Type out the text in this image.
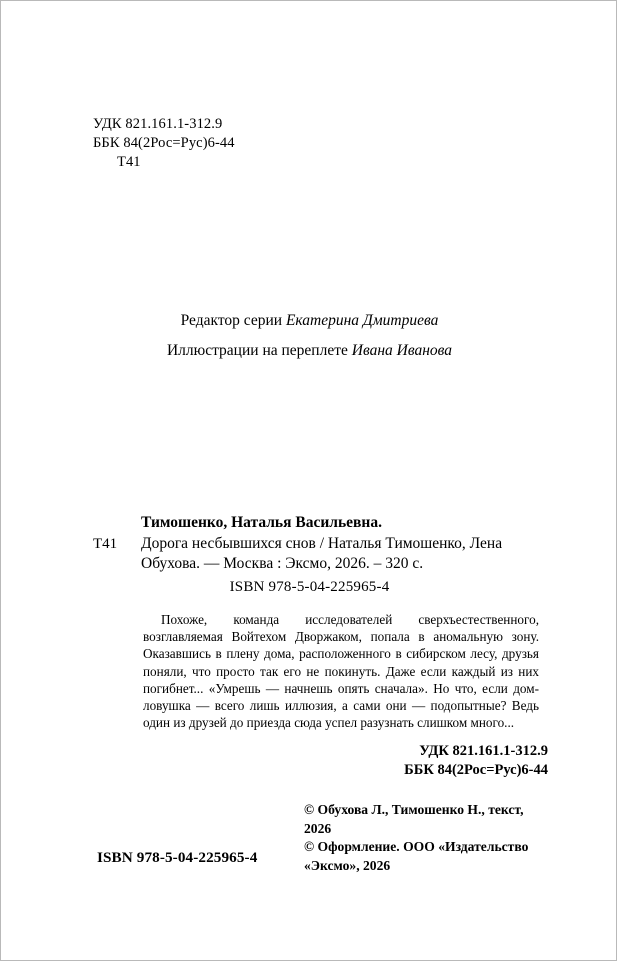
УДК 821.161.1-312.9
ББК 84(2Рос=Рус)6-44
Т41
Редактор серии Екатерина Дмитриева
Иллюстрации на переплете Ивана Иванова
Тимошенко, Наталья Васильевна.
Т41	Дорога несбывшихся снов / Наталья Тимошенко, Лена Обухова. — Москва : Эксмо, 2026. – 320 с.
ISBN 978-5-04-225965-4
Похоже, команда исследователей сверхъестественного, возглавляемая Войтехом Дворжаком, попала в аномальную зону. Оказавшись в плену дома, расположенного в сибирском лесу, друзья поняли, что просто так его не покинуть. Даже если каждый из них погибнет... «Умрешь — начнешь опять сначала». Но что, если дом-ловушка — всего лишь иллюзия, а сами они — подопытные? Ведь один из друзей до приезда сюда успел разузнать слишком много...
УДК 821.161.1-312.9
ББК 84(2Рос=Рус)6-44
© Обухова Л., Тимошенко Н., текст,
2026
© Оформление. ООО «Издательство
«Эксмо», 2026
ISBN 978-5-04-225965-4
